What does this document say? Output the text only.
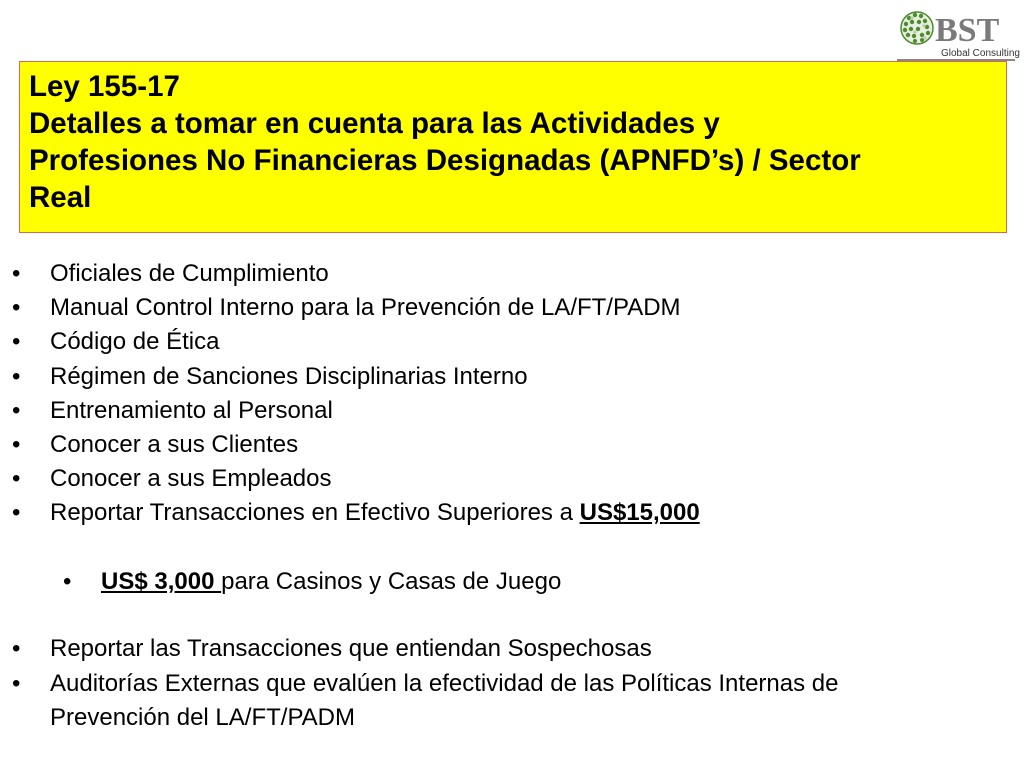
BST
Global Consulting
Ley 155-17
Detalles a tomar en cuenta para las Actividades y
Profesiones No Financieras Designadas (APNFD’s) / Sector
Real
• Oficiales de Cumplimiento
• Manual Control Interno para la Prevención de LA/FT/PADM
• Código de Ética
• Régimen de Sanciones Disciplinarias Interno
• Entrenamiento al Personal
• Conocer a sus Clientes
• Conocer a sus Empleados
• Reportar Transacciones en Efectivo Superiores a US$15,000
• US$ 3,000 para Casinos y Casas de Juego
• Reportar las Transacciones que entiendan Sospechosas
• Auditorías Externas que evalúen la efectividad de las Políticas Internas de
Prevención del LA/FT/PADM
